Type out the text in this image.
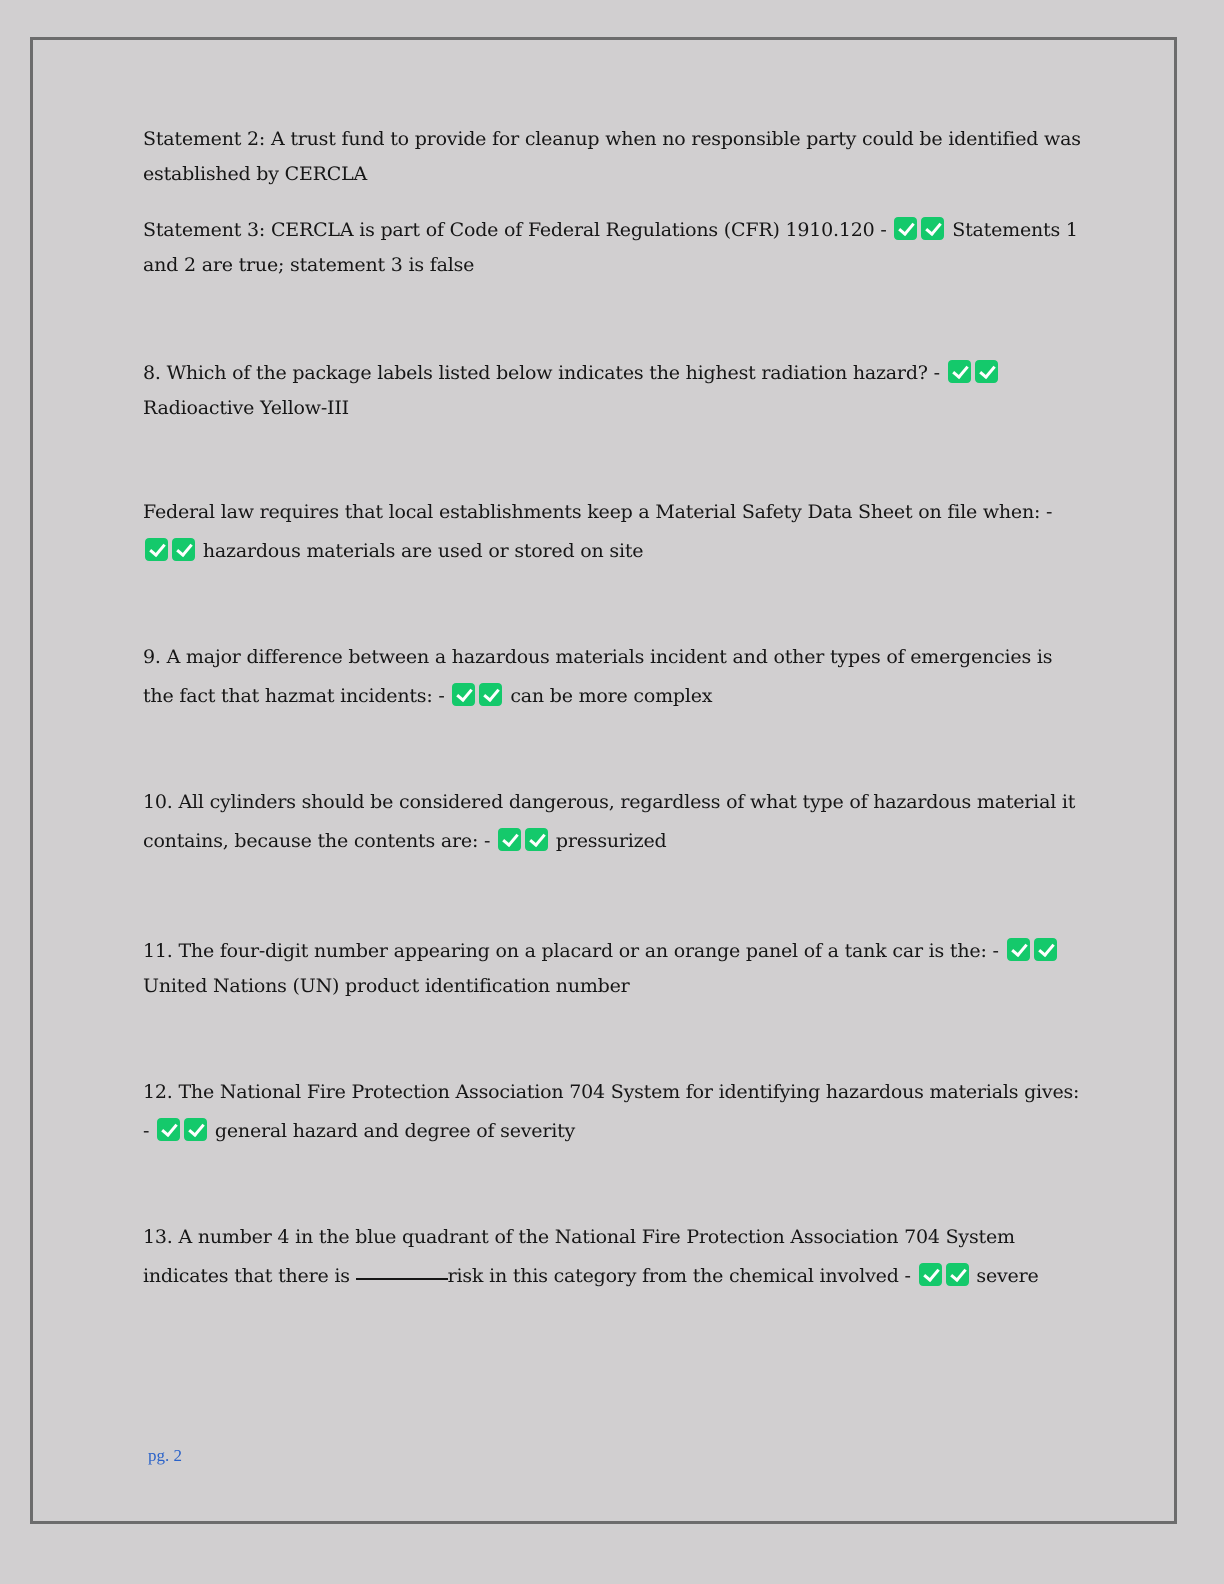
Statement 2: A trust fund to provide for cleanup when no responsible party could be identified was established by CERCLA

Statement 3: CERCLA is part of Code of Federal Regulations (CFR) 1910.120 -	Statements 1 and 2 are true; statement 3 is false

8. Which of the package labels listed below indicates the highest radiation hazard? -
Radioactive Yellow-III

Federal law requires that local establishments keep a Material Safety Data Sheet on file when: -
hazardous materials are used or stored on site

9. A major difference between a hazardous materials incident and other types of emergencies is the fact that hazmat incidents: -	can be more complex

10. All cylinders should be considered dangerous, regardless of what type of hazardous material it contains, because the contents are: -	pressurized

11. The four-digit number appearing on a placard or an orange panel of a tank car is the: -
United Nations (UN) product identification number

12. The National Fire Protection Association 704 System for identifying hazardous materials gives: -	general hazard and degree of severity

13. A number 4 in the blue quadrant of the National Fire Protection Association 704 System indicates that there is	risk in this category from the chemical involved -	severe

pg. 2
